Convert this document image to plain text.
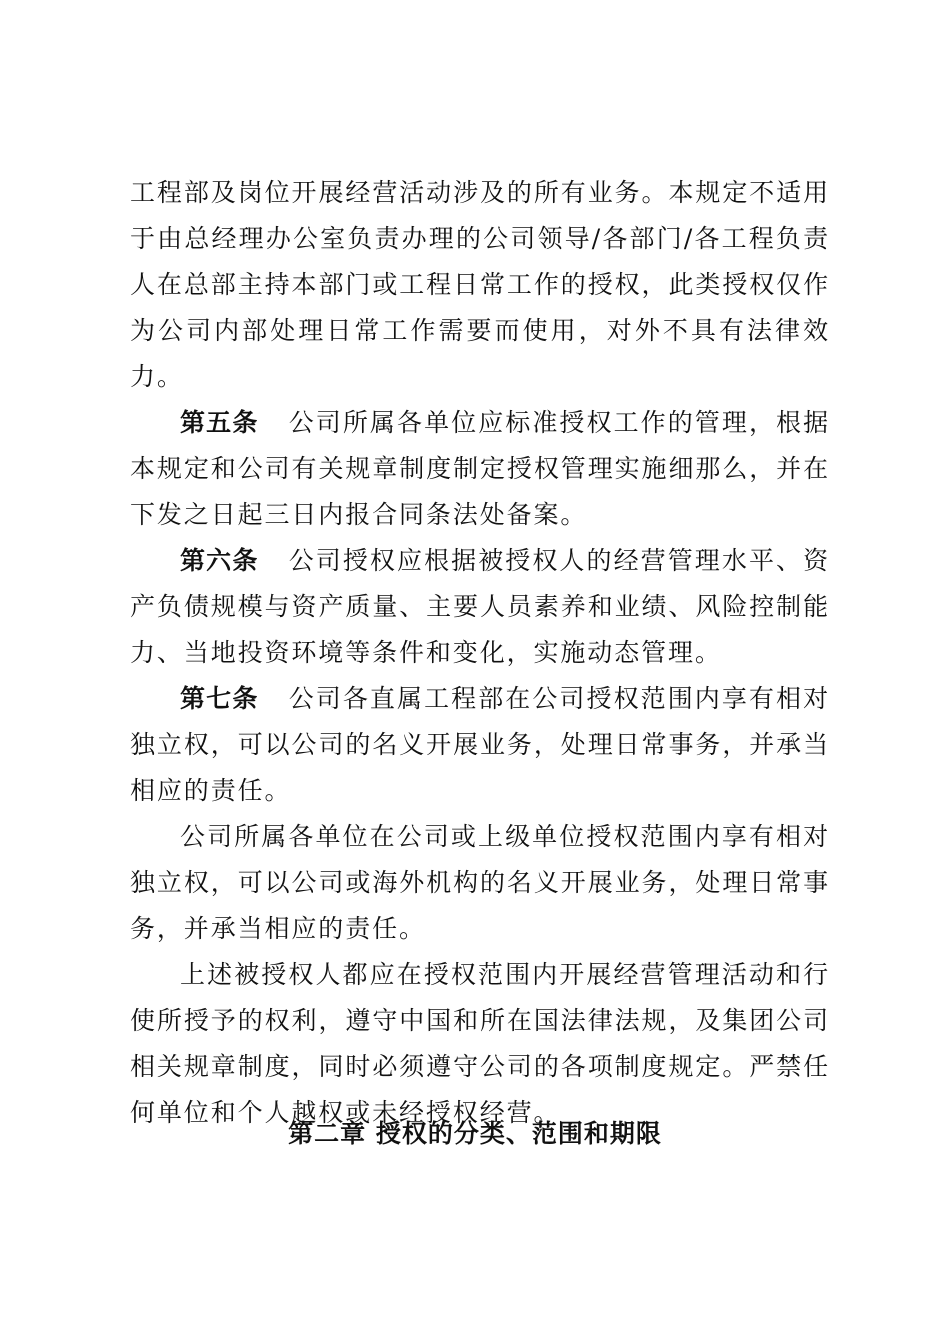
工程部及岗位开展经营活动涉及的所有业务。本规定不适用于由总经理办公室负责办理的公司领导/各部门/各工程负责人在总部主持本部门或工程日常工作的授权，此类授权仅作为公司内部处理日常工作需要而使用，对外不具有法律效力。

第五条 公司所属各单位应标准授权工作的管理，根据本规定和公司有关规章制度制定授权管理实施细那么，并在下发之日起三日内报合同条法处备案。

第六条 公司授权应根据被授权人的经营管理水平、资产负债规模与资产质量、主要人员素养和业绩、风险控制能力、当地投资环境等条件和变化，实施动态管理。

第七条 公司各直属工程部在公司授权范围内享有相对独立权，可以公司的名义开展业务，处理日常事务，并承当相应的责任。

公司所属各单位在公司或上级单位授权范围内享有相对独立权，可以公司或海外机构的名义开展业务，处理日常事务，并承当相应的责任。

上述被授权人都应在授权范围内开展经营管理活动和行使所授予的权利，遵守中国和所在国法律法规，及集团公司相关规章制度，同时必须遵守公司的各项制度规定。严禁任何单位和个人越权或未经授权经营。

第二章 授权的分类、范围和期限
